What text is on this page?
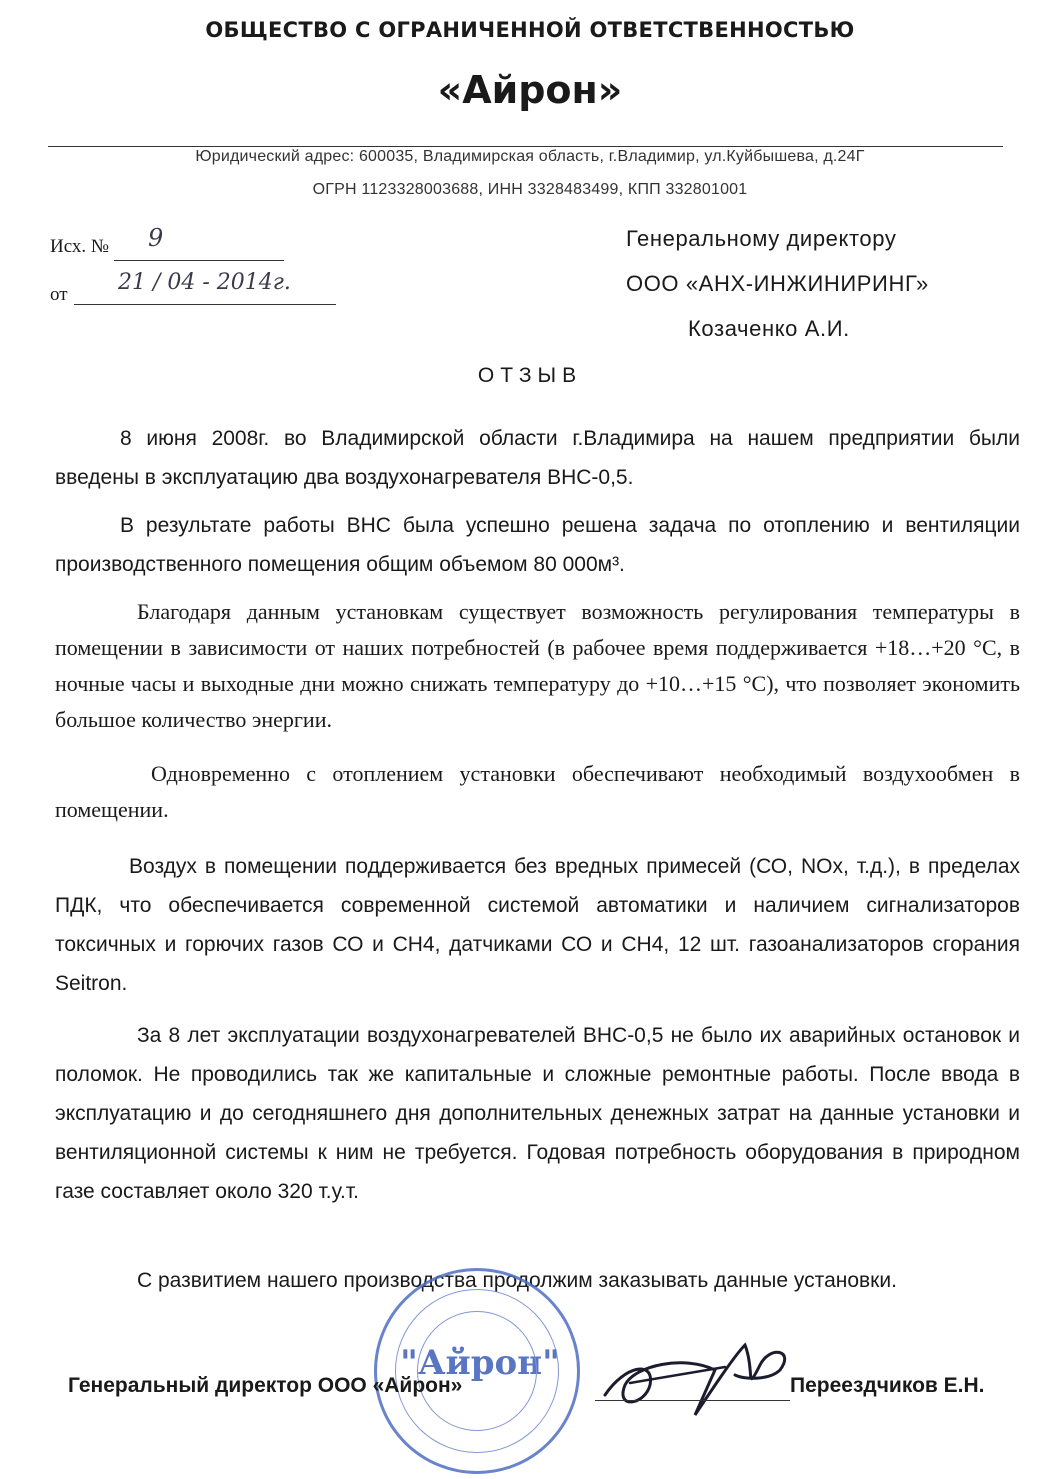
ОБЩЕСТВО С ОГРАНИЧЕННОЙ ОТВЕТСТВЕННОСТЬЮ
«Айрон»
Юридический адрес: 600035, Владимирская область, г.Владимир, ул.Куйбышева, д.24Г
ОГРН 1123328003688, ИНН 3328483499, КПП 332801001
Исх. № 9
от 21 / 04 - 2014г.
Генеральному директору
ООО «АНХ-ИНЖИНИРИНГ»
Козаченко А.И.
ОТЗЫВ

8 июня 2008г. во Владимирской области г.Владимира на нашем предприятии были введены в эксплуатацию два воздухонагревателя ВНС-0,5.

В результате работы ВНС была успешно решена задача по отоплению и вентиляции производственного помещения общим объемом 80 000м³.

Благодаря данным установкам существует возможность регулирования температуры в помещении в зависимости от наших потребностей (в рабочее время поддерживается +18…+20 °С, в ночные часы и выходные дни можно снижать температуру до +10…+15 °С), что позволяет экономить большое количество энергии.

Одновременно с отоплением установки обеспечивают необходимый воздухообмен в помещении.

Воздух в помещении поддерживается без вредных примесей (СО, NOx, т.д.), в пределах ПДК, что обеспечивается современной системой автоматики и наличием сигнализаторов токсичных и горючих газов СО и СН4, датчиками СО и СН4, 12 шт. газоанализаторов сгорания Seitron.

За 8 лет эксплуатации воздухонагревателей ВНС-0,5 не было их аварийных остановок и поломок. Не проводились так же капитальные и сложные ремонтные работы. После ввода в эксплуатацию и до сегодняшнего дня дополнительных денежных затрат на данные установки и вентиляционной системы к ним не требуется. Годовая потребность оборудования в природном газе составляет около 320 т.у.т.

С развитием нашего производства продолжим заказывать данные установки.

"Айрон"
Генеральный директор ООО «Айрон»	Переездчиков Е.Н.
